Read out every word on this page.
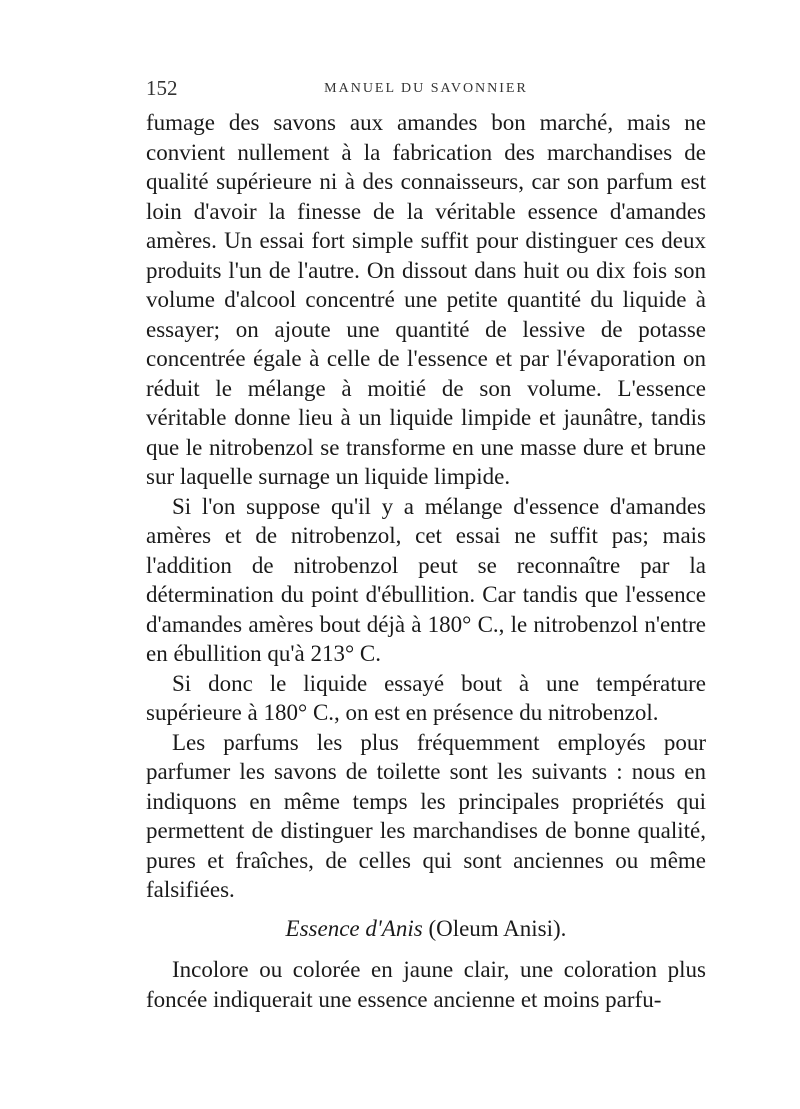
152	MANUEL DU SAVONNIER

fumage des savons aux amandes bon marché, mais ne convient nullement à la fabrication des marchandises de qualité supérieure ni à des connaisseurs, car son parfum est loin d'avoir la finesse de la véritable essence d'amandes amères. Un essai fort simple suffit pour distinguer ces deux produits l'un de l'autre. On dissout dans huit ou dix fois son volume d'alcool concentré une petite quantité du liquide à essayer; on ajoute une quantité de lessive de potasse concentrée égale à celle de l'essence et par l'évaporation on réduit le mélange à moitié de son volume. L'essence véritable donne lieu à un liquide limpide et jaunâtre, tandis que le nitrobenzol se transforme en une masse dure et brune sur laquelle surnage un liquide limpide.

Si l'on suppose qu'il y a mélange d'essence d'amandes amères et de nitrobenzol, cet essai ne suffit pas; mais l'addition de nitrobenzol peut se reconnaître par la détermination du point d'ébullition. Car tandis que l'essence d'amandes amères bout déjà à 180° C., le nitrobenzol n'entre en ébullition qu'à 213° C.

Si donc le liquide essayé bout à une température supérieure à 180° C., on est en présence du nitrobenzol.

Les parfums les plus fréquemment employés pour parfumer les savons de toilette sont les suivants : nous en indiquons en même temps les principales propriétés qui permettent de distinguer les marchandises de bonne qualité, pures et fraîches, de celles qui sont anciennes ou même falsifiées.

Essence d'Anis (Oleum Anisi).

Incolore ou colorée en jaune clair, une coloration plus foncée indiquerait une essence ancienne et moins parfu-
